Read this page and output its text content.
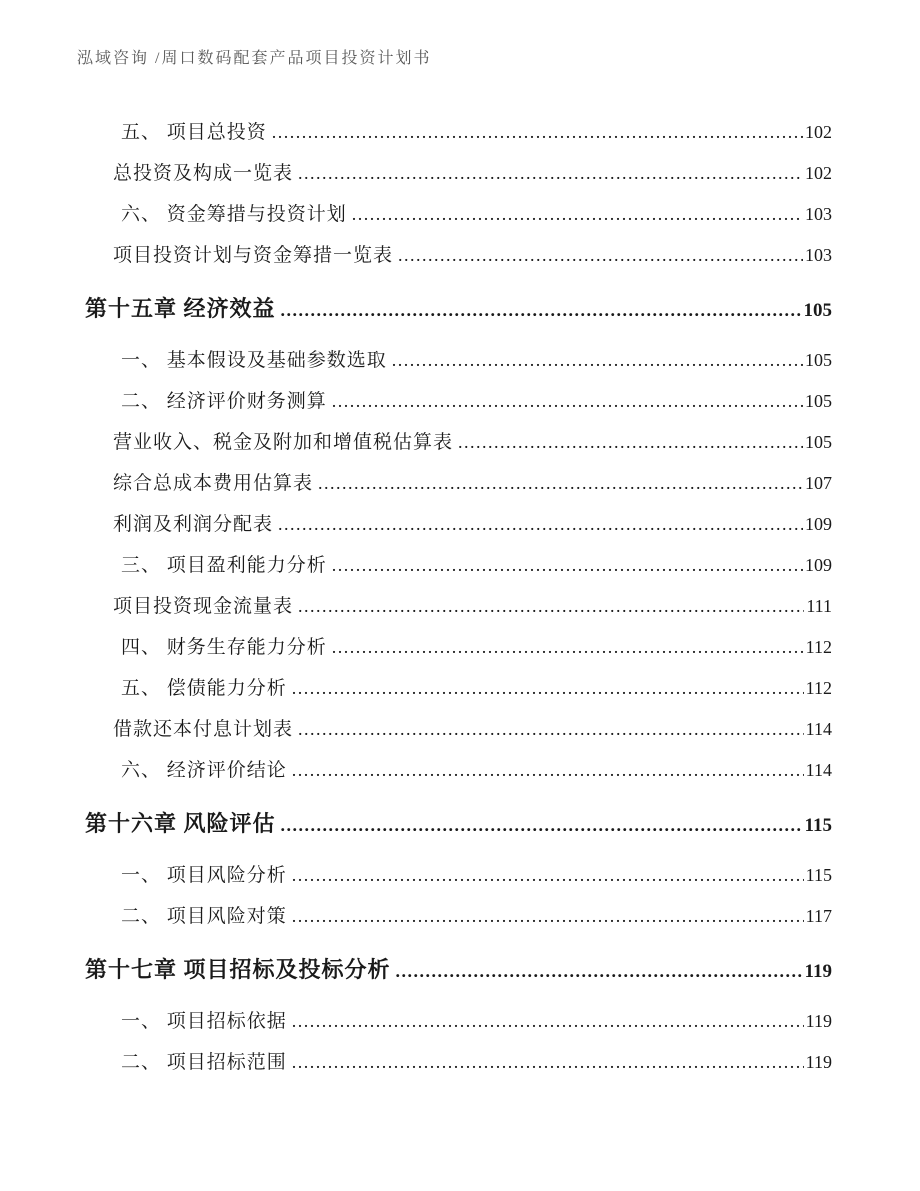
泓域咨询 /周口数码配套产品项目投资计划书
五、 项目总投资 .....	102
总投资及构成一览表 .....	102
六、 资金筹措与投资计划 .....	103
项目投资计划与资金筹措一览表 .....	103
第十五章 经济效益 .....	105
一、 基本假设及基础参数选取 .....	105
二、 经济评价财务测算 .....	105
营业收入、税金及附加和增值税估算表 .....	105
综合总成本费用估算表 .....	107
利润及利润分配表 .....	109
三、 项目盈利能力分析 .....	109
项目投资现金流量表 .....	111
四、 财务生存能力分析 .....	112
五、 偿债能力分析 .....	112
借款还本付息计划表 .....	114
六、 经济评价结论 .....	114
第十六章 风险评估 .....	115
一、 项目风险分析 .....	115
二、 项目风险对策 .....	117
第十七章 项目招标及投标分析 .....	119
一、 项目招标依据 .....	119
二、 项目招标范围 .....	119
